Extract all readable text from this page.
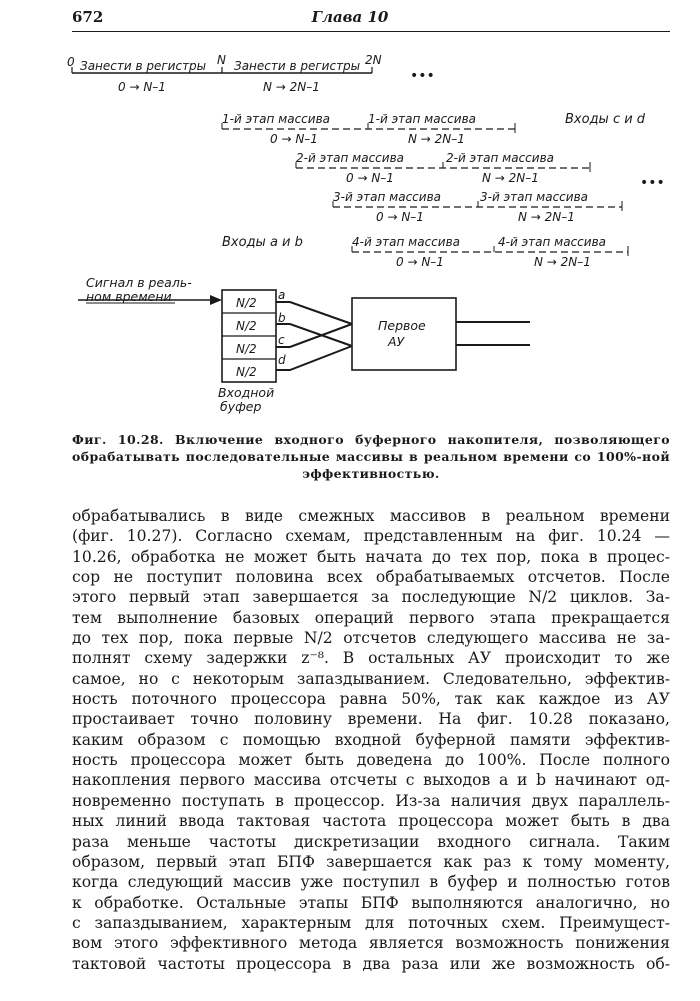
672	Глава 10
0	N	2N
Занести в регистры Занести в регистры
0 → N–1	N → 2N–1
•••
Входы с и d
•••
Входы а и b
1-й этап массива	1-й этап массива
0 → N–1	N → 2N–1
2-й этап массива	2-й этап массива
0 → N–1	N → 2N–1
3-й этап массива	3-й этап массива
0 → N–1	N → 2N–1
4-й этап массива	4-й этап массива
0 → N–1	N → 2N–1
Сигнал в реаль-
ном времени	N/2
N/2
N/2
N/2
a
b
c
d
Входной
буфер
Первое
АУ
Фиг. 10.28. Включение входного буферного накопителя, позволяющего
обрабатывать последовательные массивы в реальном времени со 100%-ной
эффективностью.
обрабатывались в виде смежных массивов в реальном времени
(фиг. 10.27). Согласно схемам, представленным на фиг. 10.24 —
10.26, обработка не может быть начата до тех пор, пока в процес-
сор не поступит половина всех обрабатываемых отсчетов. После
этого первый этап завершается за последующие N/2 циклов. За-
тем выполнение базовых операций первого этапа прекращается
до тех пор, пока первые N/2 отсчетов следующего массива не за-
полнят схему задержки z⁻⁸. В остальных АУ происходит то же
самое, но с некоторым запаздыванием. Следовательно, эффектив-
ность поточного процессора равна 50%, так как каждое из АУ
простаивает точно половину времени. На фиг. 10.28 показано,
каким образом с помощью входной буферной памяти эффектив-
ность процессора может быть доведена до 100%. После полного
накопления первого массива отсчеты с выходов а и b начинают од-
новременно поступать в процессор. Из-за наличия двух параллель-
ных линий ввода тактовая частота процессора может быть в два
раза меньше частоты дискретизации входного сигнала. Таким
образом, первый этап БПФ завершается как раз к тому моменту,
когда следующий массив уже поступил в буфер и полностью готов
к обработке. Остальные этапы БПФ выполняются аналогично, но
с запаздыванием, характерным для поточных схем. Преимущест-
вом этого эффективного метода является возможность понижения
тактовой частоты процессора в два раза или же возможность об-
